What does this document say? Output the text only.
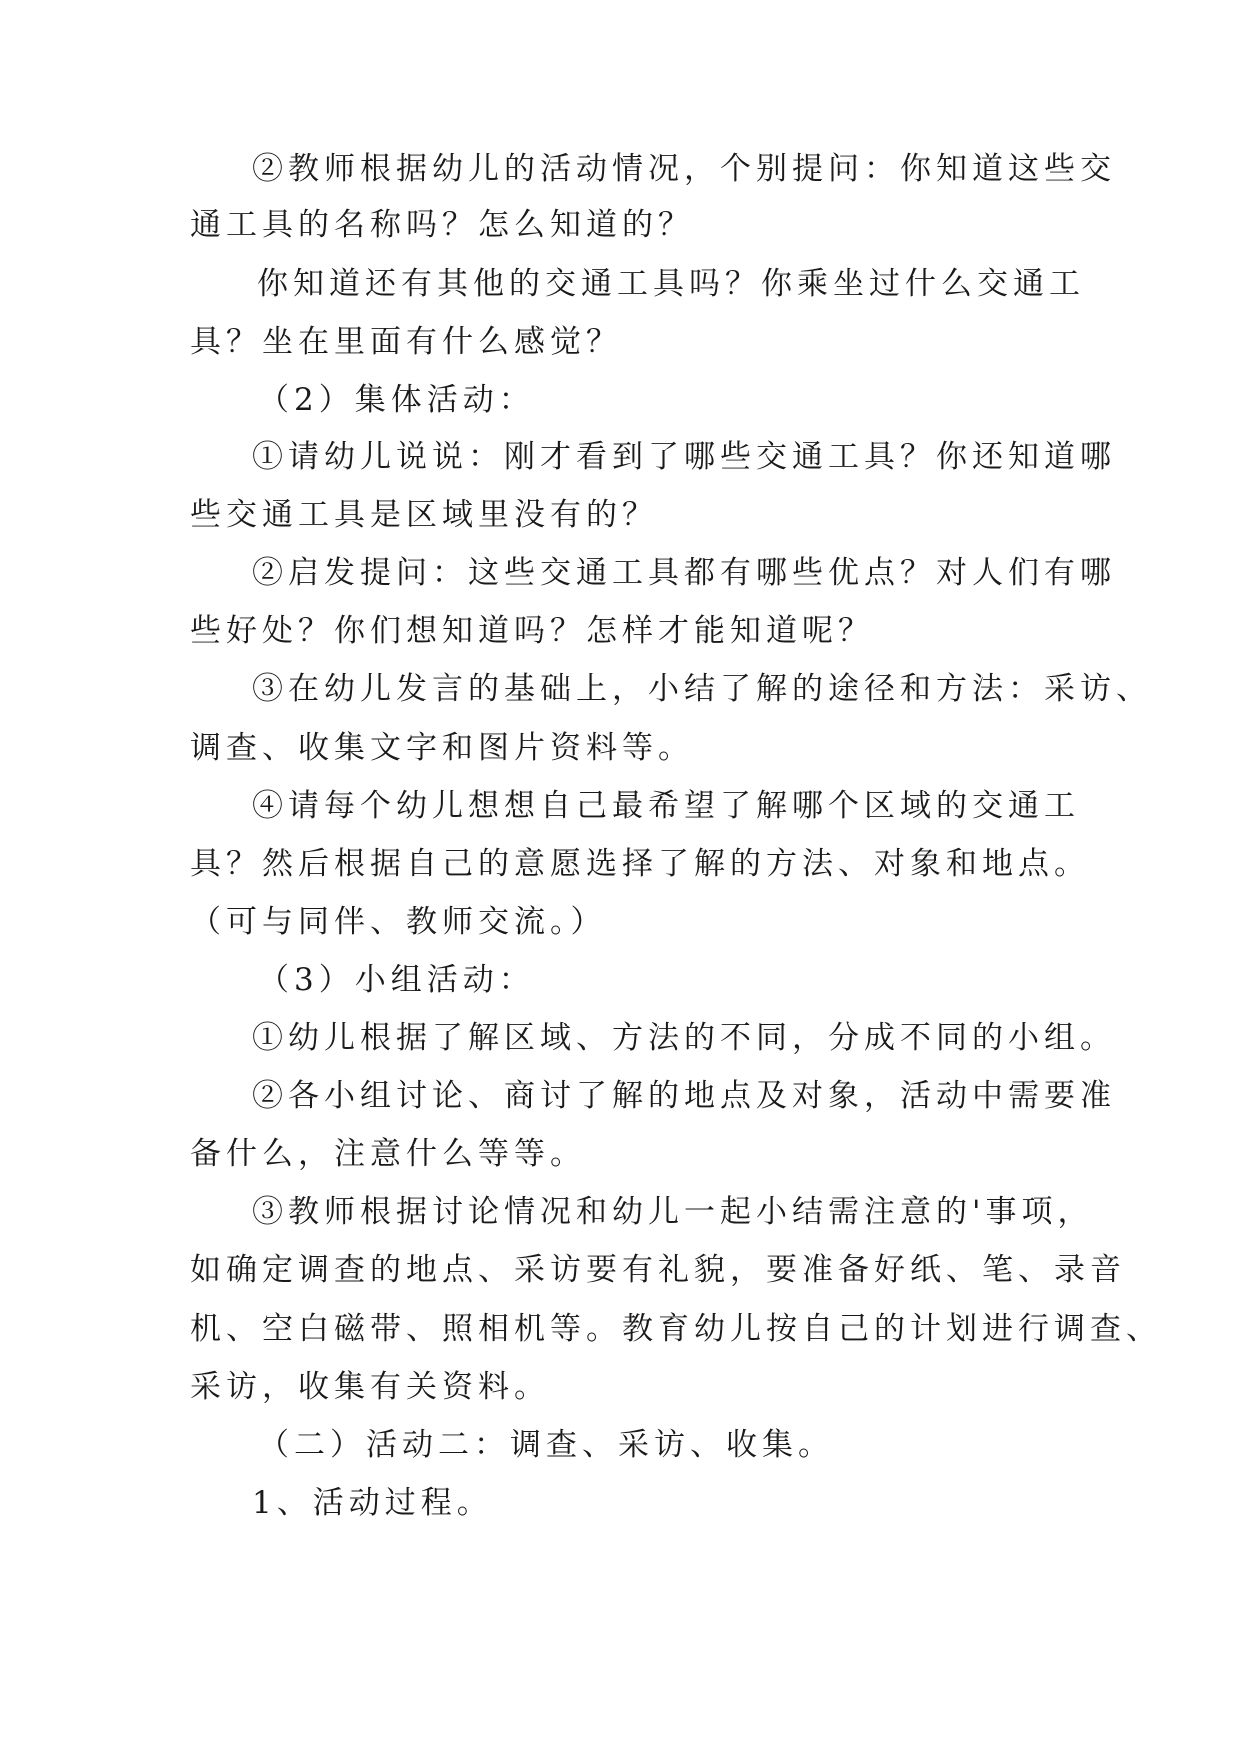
②教师根据幼儿的活动情况，个别提问：你知道这些交
通工具的名称吗？怎么知道的？
你知道还有其他的交通工具吗？你乘坐过什么交通工
具？坐在里面有什么感觉？
（2）集体活动：
①请幼儿说说：刚才看到了哪些交通工具？你还知道哪
些交通工具是区域里没有的？
②启发提问：这些交通工具都有哪些优点？对人们有哪
些好处？你们想知道吗？怎样才能知道呢？
③在幼儿发言的基础上，小结了解的途径和方法：采访、
调查、收集文字和图片资料等。
④请每个幼儿想想自己最希望了解哪个区域的交通工
具？然后根据自己的意愿选择了解的方法、对象和地点。
（可与同伴、教师交流。）
（3）小组活动：
①幼儿根据了解区域、方法的不同，分成不同的小组。
②各小组讨论、商讨了解的地点及对象，活动中需要准
备什么，注意什么等等。
③教师根据讨论情况和幼儿一起小结需注意的'事项，
如确定调查的地点、采访要有礼貌，要准备好纸、笔、录音
机、空白磁带、照相机等。教育幼儿按自己的计划进行调查、
采访，收集有关资料。
（二）活动二：调查、采访、收集。
1、活动过程。
